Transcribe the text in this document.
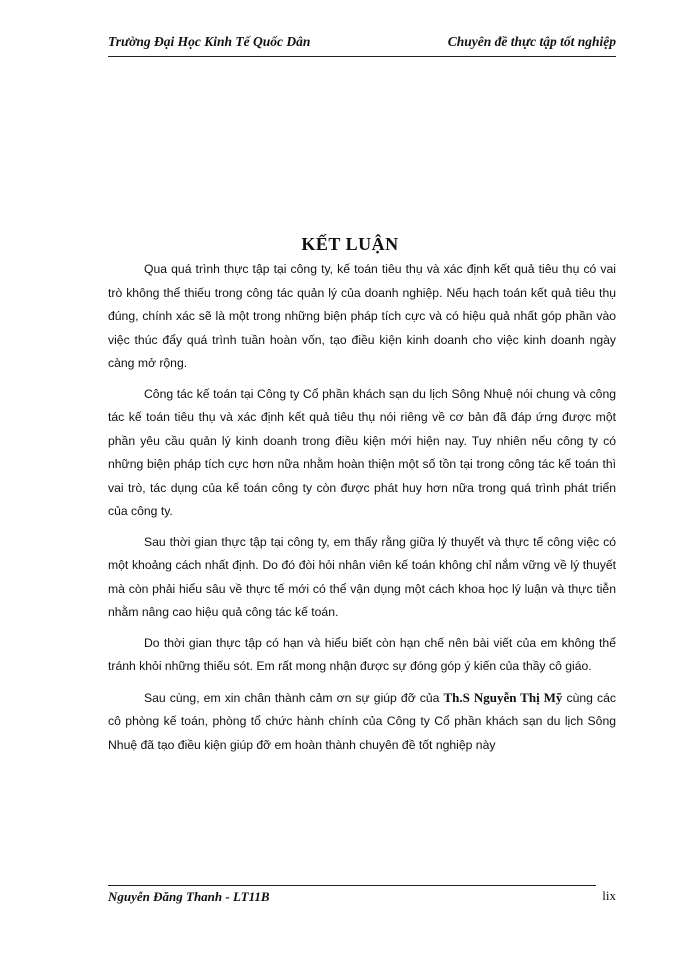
Trường Đại Học Kinh Tế Quốc Dân	Chuyên đề thực tập tốt nghiệp
KẾT LUẬN

Qua quá trình thực tập tại công ty, kế toán tiêu thụ và xác định kết quả tiêu thụ có vai trò không thể thiếu trong công tác quản lý của doanh nghiệp. Nếu hạch toán kết quả tiêu thụ đúng, chính xác sẽ là một trong những biện pháp tích cực và có hiệu quả nhất góp phần vào việc thúc đẩy quá trình tuần hoàn vốn, tạo điều kiện kinh doanh cho việc kinh doanh ngày càng mở rộng.

Công tác kế toán tại Công ty Cổ phần khách sạn du lịch Sông Nhuệ nói chung và công tác kế toán tiêu thụ và xác định kết quả tiêu thụ nói riêng về cơ bản đã đáp ứng được một phần yêu cầu quản lý kinh doanh trong điều kiện mới hiện nay. Tuy nhiên nếu công ty có những biện pháp tích cực hơn nữa nhằm hoàn thiện một số tồn tại trong công tác kế toán thì vai trò, tác dụng của kế toán công ty còn được phát huy hơn nữa trong quá trình phát triển của công ty.

Sau thời gian thực tập tại công ty, em thấy rằng giữa lý thuyết và thực tế công việc có một khoảng cách nhất định. Do đó đòi hỏi nhân viên kế toán không chỉ nắm vững về lý thuyết mà còn phải hiểu sâu về thực tế mới có thể vận dụng một cách khoa học lý luận và thực tiễn nhằm nâng cao hiệu quả công tác kế toán.

Do thời gian thực tập có hạn và hiểu biết còn hạn chế nên bài viết của em không thể tránh khỏi những thiếu sót. Em rất mong nhận được sự đóng góp ý kiến của thầy cô giáo.

Sau cùng, em xin chân thành cảm ơn sự giúp đỡ của Th.S Nguyễn Thị Mỹ cùng các cô phòng kế toán, phòng tổ chức hành chính của Công ty Cổ phần khách sạn du lịch Sông Nhuệ đã tạo điều kiện giúp đỡ em hoàn thành chuyên đề tốt nghiệp này

Nguyễn Đăng Thanh - LT11B	lix
